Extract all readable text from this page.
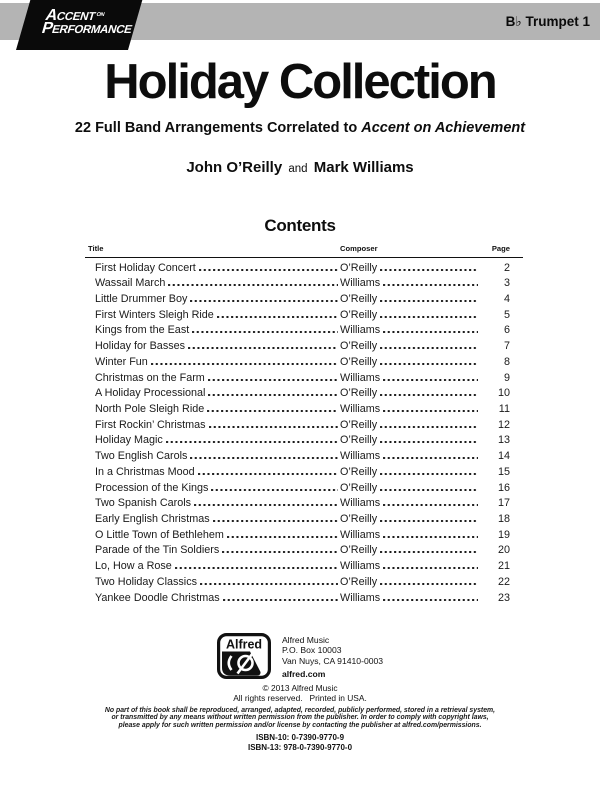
ACCENTON
PERFORMANCE
B♭ Trumpet 1
Holiday Collection
22 Full Band Arrangements Correlated to Accent on Achievement
John O’Reilly and Mark Williams
Contents
Title	Composer	Page
First Holiday Concert	O’Reilly	2
Wassail March	Williams	3
Little Drummer Boy	O’Reilly	4
First Winters Sleigh Ride	O’Reilly	5
Kings from the East	Williams	6
Holiday for Basses	O’Reilly	7
Winter Fun	O’Reilly	8
Christmas on the Farm	Williams	9
A Holiday Processional	O’Reilly	10
North Pole Sleigh Ride	Williams	11
First Rockin’ Christmas	O’Reilly	12
Holiday Magic	O’Reilly	13
Two English Carols	Williams	14
In a Christmas Mood	O’Reilly	15
Procession of the Kings	O’Reilly	16
Two Spanish Carols	Williams	17
Early English Christmas	O’Reilly	18
O Little Town of Bethlehem	Williams	19
Parade of the Tin Soldiers	O’Reilly	20
Lo, How a Rose	Williams	21
Two Holiday Classics	O’Reilly	22
Yankee Doodle Christmas	Williams	23
Alfred Alfred Music
P.O. Box 10003
Van Nuys, CA 91410-0003
alfred.com
© 2013 Alfred Music
All rights reserved.   Printed in USA.
No part of this book shall be reproduced, arranged, adapted, recorded, publicly performed, stored in a retrieval system,
or transmitted by any means without written permission from the publisher. In order to comply with copyright laws,
please apply for such written permission and/or license by contacting the publisher at alfred.com/permissions.
ISBN-10: 0-7390-9770-9
ISBN-13: 978-0-7390-9770-0
